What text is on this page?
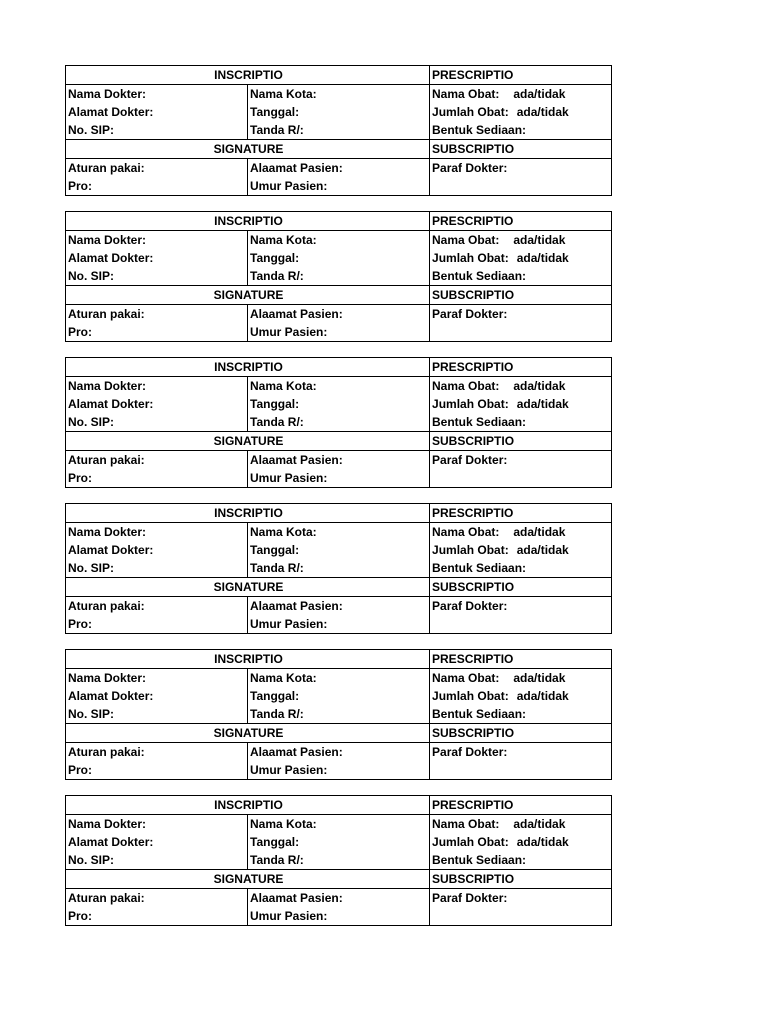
INSCRIPTIO		PRESCRIPTIO
Nama Dokter:	Nama Kota:	Nama Obat: ada/tidak
Alamat Dokter:	Tanggal:	Jumlah Obat: ada/tidak
No. SIP:	Tanda R/:	Bentuk Sediaan:
SIGNATURE		SUBSCRIPTIO
Aturan pakai:	Alaamat Pasien:	Paraf Dokter:
Pro:	Umur Pasien:	
INSCRIPTIO		PRESCRIPTIO
Nama Dokter:	Nama Kota:	Nama Obat: ada/tidak
Alamat Dokter:	Tanggal:	Jumlah Obat: ada/tidak
No. SIP:	Tanda R/:	Bentuk Sediaan:
SIGNATURE		SUBSCRIPTIO
Aturan pakai:	Alaamat Pasien:	Paraf Dokter:
Pro:	Umur Pasien:	
INSCRIPTIO		PRESCRIPTIO
Nama Dokter:	Nama Kota:	Nama Obat: ada/tidak
Alamat Dokter:	Tanggal:	Jumlah Obat: ada/tidak
No. SIP:	Tanda R/:	Bentuk Sediaan:
SIGNATURE		SUBSCRIPTIO
Aturan pakai:	Alaamat Pasien:	Paraf Dokter:
Pro:	Umur Pasien:	
INSCRIPTIO		PRESCRIPTIO
Nama Dokter:	Nama Kota:	Nama Obat: ada/tidak
Alamat Dokter:	Tanggal:	Jumlah Obat: ada/tidak
No. SIP:	Tanda R/:	Bentuk Sediaan:
SIGNATURE		SUBSCRIPTIO
Aturan pakai:	Alaamat Pasien:	Paraf Dokter:
Pro:	Umur Pasien:	
INSCRIPTIO		PRESCRIPTIO
Nama Dokter:	Nama Kota:	Nama Obat: ada/tidak
Alamat Dokter:	Tanggal:	Jumlah Obat: ada/tidak
No. SIP:	Tanda R/:	Bentuk Sediaan:
SIGNATURE		SUBSCRIPTIO
Aturan pakai:	Alaamat Pasien:	Paraf Dokter:
Pro:	Umur Pasien:	
INSCRIPTIO		PRESCRIPTIO
Nama Dokter:	Nama Kota:	Nama Obat: ada/tidak
Alamat Dokter:	Tanggal:	Jumlah Obat: ada/tidak
No. SIP:	Tanda R/:	Bentuk Sediaan:
SIGNATURE		SUBSCRIPTIO
Aturan pakai:	Alaamat Pasien:	Paraf Dokter:
Pro:	Umur Pasien:	
